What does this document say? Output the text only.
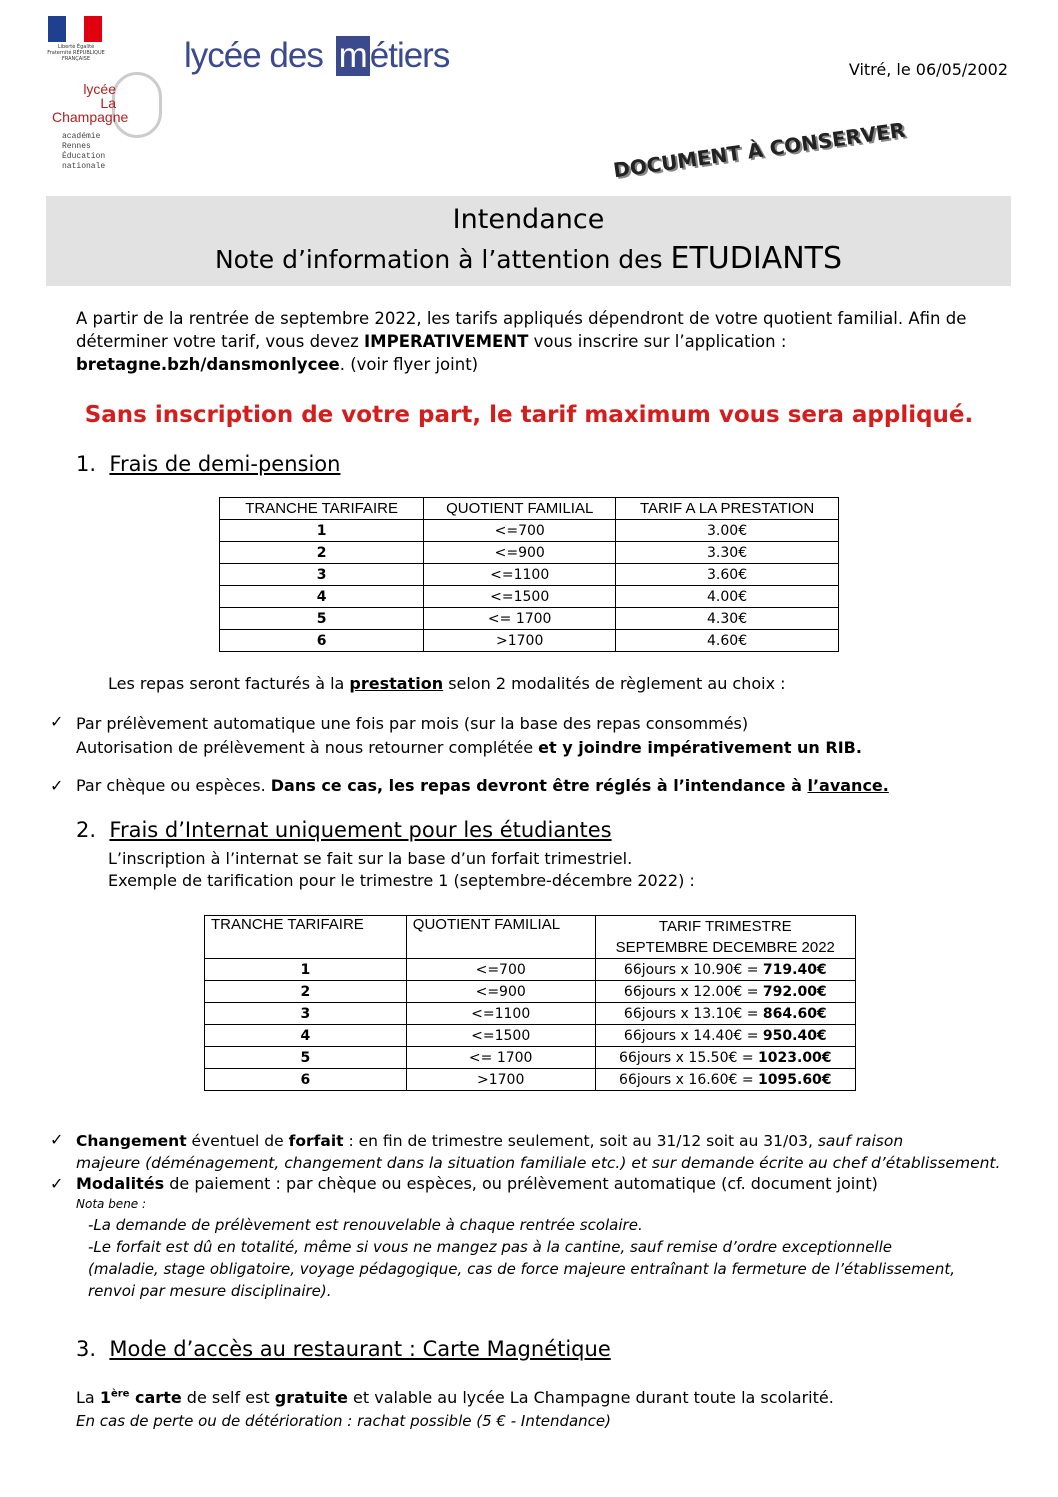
Liberté Égalité Fraternité RÉPUBLIQUE FRANÇAISE	lycée des métiers
lycée
La Champagne
académie
Rennes
Éducation
nationale
Vitré, le 06/05/2002
DOCUMENT À CONSERVER
Intendance
Note d’information à l’attention des ETUDIANTS
A partir de la rentrée de septembre 2022, les tarifs appliqués dépendront de votre quotient familial. Afin de déterminer votre tarif, vous devez IMPERATIVEMENT vous inscrire sur l’application :
bretagne.bzh/dansmonlycee. (voir flyer joint)
Sans inscription de votre part, le tarif maximum vous sera appliqué.
1. Frais de demi-pension
TRANCHE TARIFAIRE	QUOTIENT FAMILIAL	TARIF A LA PRESTATION
1	<=700	3.00€
2	<=900	3.30€
3	<=1100	3.60€
4	<=1500	4.00€
5	<= 1700	4.30€
6	>1700	4.60€
Les repas seront facturés à la prestation selon 2 modalités de règlement au choix :
✓ Par prélèvement automatique une fois par mois (sur la base des repas consommés)
Autorisation de prélèvement à nous retourner complétée et y joindre impérativement un RIB.
✓ Par chèque ou espèces. Dans ce cas, les repas devront être réglés à l’intendance à l’avance.
2. Frais d’Internat uniquement pour les étudiantes
L’inscription à l’internat se fait sur la base d’un forfait trimestriel.
Exemple de tarification pour le trimestre 1 (septembre-décembre 2022) :
TRANCHE TARIFAIRE	QUOTIENT FAMILIAL	TARIF TRIMESTRE
SEPTEMBRE DECEMBRE 2022
1	<=700	66jours x 10.90€ = 719.40€
2	<=900	66jours x 12.00€ = 792.00€
3	<=1100	66jours x 13.10€ = 864.60€
4	<=1500	66jours x 14.40€ = 950.40€
5	<= 1700	66jours x 15.50€ = 1023.00€
6	>1700	66jours x 16.60€ = 1095.60€
✓ Changement éventuel de forfait : en fin de trimestre seulement, soit au 31/12 soit au 31/03, sauf raison
majeure (déménagement, changement dans la situation familiale etc.) et sur demande écrite au chef d’établissement.
✓ Modalités de paiement : par chèque ou espèces, ou prélèvement automatique (cf. document joint)
Nota bene :
-La demande de prélèvement est renouvelable à chaque rentrée scolaire.
-Le forfait est dû en totalité, même si vous ne mangez pas à la cantine, sauf remise d’ordre exceptionnelle
(maladie, stage obligatoire, voyage pédagogique, cas de force majeure entraînant la fermeture de l’établissement,
renvoi par mesure disciplinaire).
3. Mode d’accès au restaurant : Carte Magnétique
La 1ère carte de self est gratuite et valable au lycée La Champagne durant toute la scolarité.
En cas de perte ou de détérioration : rachat possible (5 € - Intendance)
